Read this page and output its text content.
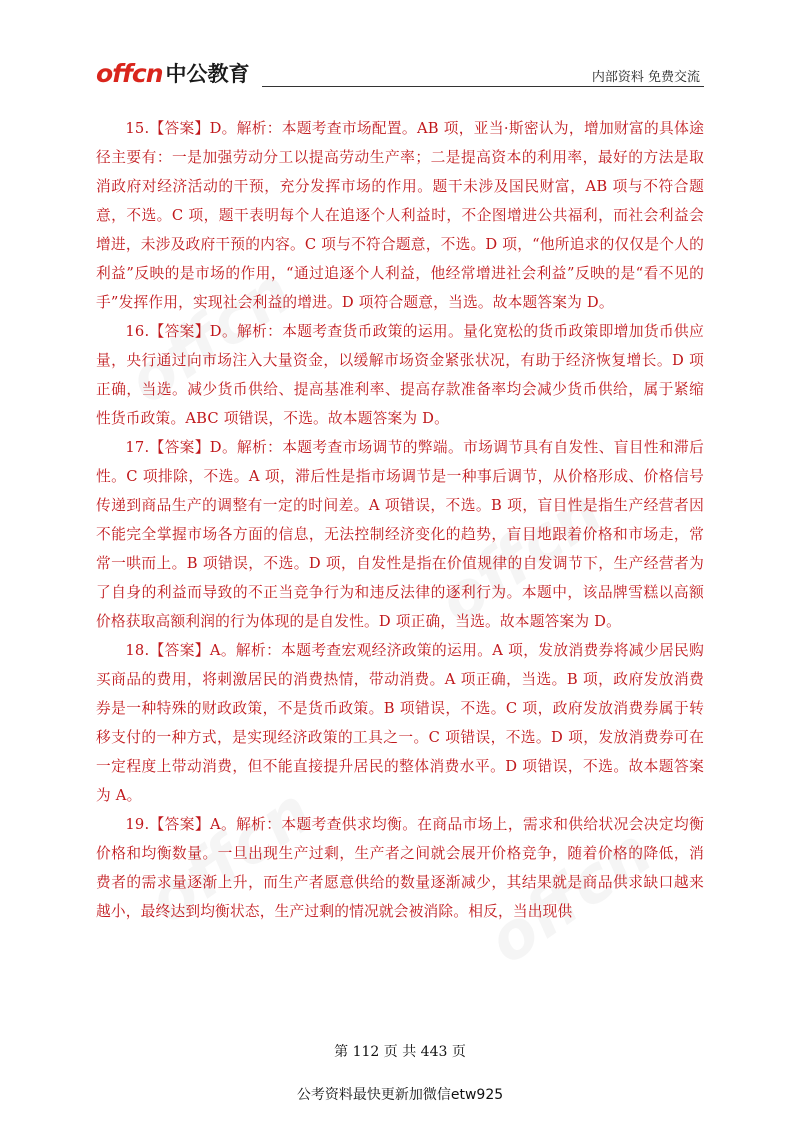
offcn 中公教育	内部资料 免费交流

15.【答案】D。解析：本题考查市场配置。AB 项，亚当·斯密认为，增加财富的具体途径主要有：一是加强劳动分工以提高劳动生产率；二是提高资本的利用率，最好的方法是取消政府对经济活动的干预，充分发挥市场的作用。题干未涉及国民财富，AB 项与不符合题意，不选。C 项，题干表明每个人在追逐个人利益时，不企图增进公共福利，而社会利益会增进，未涉及政府干预的内容。C 项与不符合题意，不选。D 项，“他所追求的仅仅是个人的利益”反映的是市场的作用，“通过追逐个人利益，他经常增进社会利益”反映的是“看不见的手”发挥作用，实现社会利益的增进。D 项符合题意，当选。故本题答案为 D。

16.【答案】D。解析：本题考查货币政策的运用。量化宽松的货币政策即增加货币供应量，央行通过向市场注入大量资金，以缓解市场资金紧张状况，有助于经济恢复增长。D 项正确，当选。减少货币供给、提高基准利率、提高存款准备率均会减少货币供给，属于紧缩性货币政策。ABC 项错误，不选。故本题答案为 D。

17.【答案】D。解析：本题考查市场调节的弊端。市场调节具有自发性、盲目性和滞后性。C 项排除，不选。A 项，滞后性是指市场调节是一种事后调节，从价格形成、价格信号传递到商品生产的调整有一定的时间差。A 项错误，不选。B 项，盲目性是指生产经营者因不能完全掌握市场各方面的信息，无法控制经济变化的趋势，盲目地跟着价格和市场走，常常一哄而上。B 项错误，不选。D 项，自发性是指在价值规律的自发调节下，生产经营者为了自身的利益而导致的不正当竞争行为和违反法律的逐利行为。本题中，该品牌雪糕以高额价格获取高额利润的行为体现的是自发性。D 项正确，当选。故本题答案为 D。

18.【答案】A。解析：本题考查宏观经济政策的运用。A 项，发放消费券将减少居民购买商品的费用，将刺激居民的消费热情，带动消费。A 项正确，当选。B 项，政府发放消费券是一种特殊的财政政策，不是货币政策。B 项错误，不选。C 项，政府发放消费券属于转移支付的一种方式，是实现经济政策的工具之一。C 项错误，不选。D 项，发放消费券可在一定程度上带动消费，但不能直接提升居民的整体消费水平。D 项错误，不选。故本题答案为 A。

19.【答案】A。解析：本题考查供求均衡。在商品市场上，需求和供给状况会决定均衡价格和均衡数量。一旦出现生产过剩，生产者之间就会展开价格竞争，随着价格的降低，消费者的需求量逐渐上升，而生产者愿意供给的数量逐渐减少，其结果就是商品供求缺口越来越小，最终达到均衡状态，生产过剩的情况就会被消除。相反，当出现供

第 112 页 共 443 页
公考资料最快更新加微信etw925
